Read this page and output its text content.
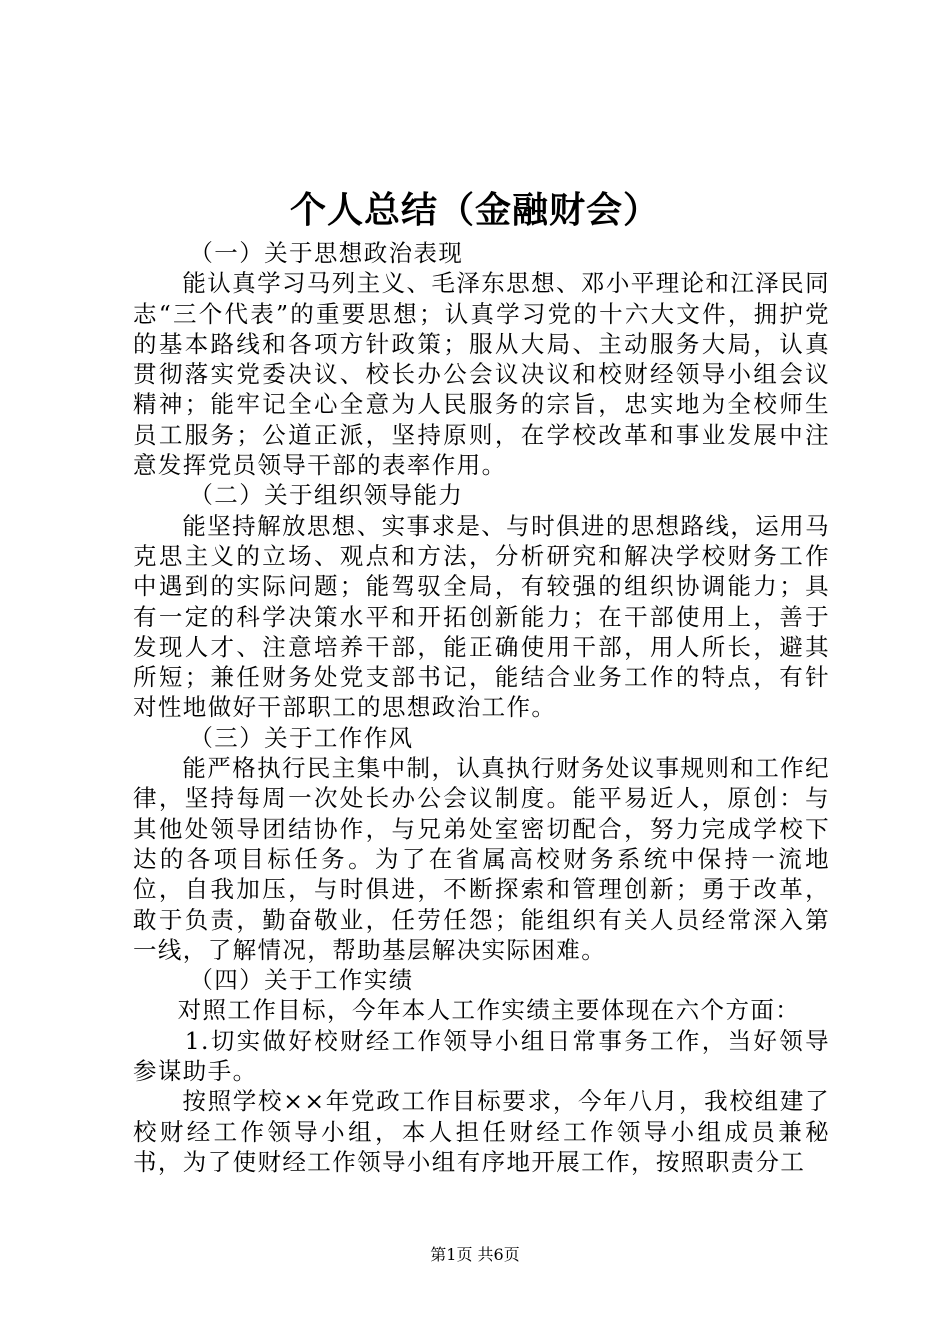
个人总结（金融财会）

（一）关于思想政治表现

能认真学习马列主义、毛泽东思想、邓小平理论和江泽民同志“三个代表”的重要思想；认真学习党的十六大文件，拥护党的基本路线和各项方针政策；服从大局、主动服务大局，认真贯彻落实党委决议、校长办公会议决议和校财经领导小组会议精神；能牢记全心全意为人民服务的宗旨，忠实地为全校师生员工服务；公道正派，坚持原则，在学校改革和事业发展中注意发挥党员领导干部的表率作用。

（二）关于组织领导能力

能坚持解放思想、实事求是、与时俱进的思想路线，运用马克思主义的立场、观点和方法，分析研究和解决学校财务工作中遇到的实际问题；能驾驭全局，有较强的组织协调能力；具有一定的科学决策水平和开拓创新能力；在干部使用上，善于发现人才、注意培养干部，能正确使用干部，用人所长，避其所短；兼任财务处党支部书记，能结合业务工作的特点，有针对性地做好干部职工的思想政治工作。

（三）关于工作作风

能严格执行民主集中制，认真执行财务处议事规则和工作纪律，坚持每周一次处长办公会议制度。能平易近人，原创：与其他处领导团结协作，与兄弟处室密切配合，努力完成学校下达的各项目标任务。为了在省属高校财务系统中保持一流地位，自我加压，与时俱进，不断探索和管理创新；勇于改革，敢于负责，勤奋敬业，任劳任怨；能组织有关人员经常深入第一线，了解情况，帮助基层解决实际困难。

（四）关于工作实绩

对照工作目标，今年本人工作实绩主要体现在六个方面：

1.切实做好校财经工作领导小组日常事务工作，当好领导参谋助手。

按照学校××年党政工作目标要求，今年八月，我校组建了校财经工作领导小组，本人担任财经工作领导小组成员兼秘书，为了使财经工作领导小组有序地开展工作，按照职责分工

第1页 共6页
